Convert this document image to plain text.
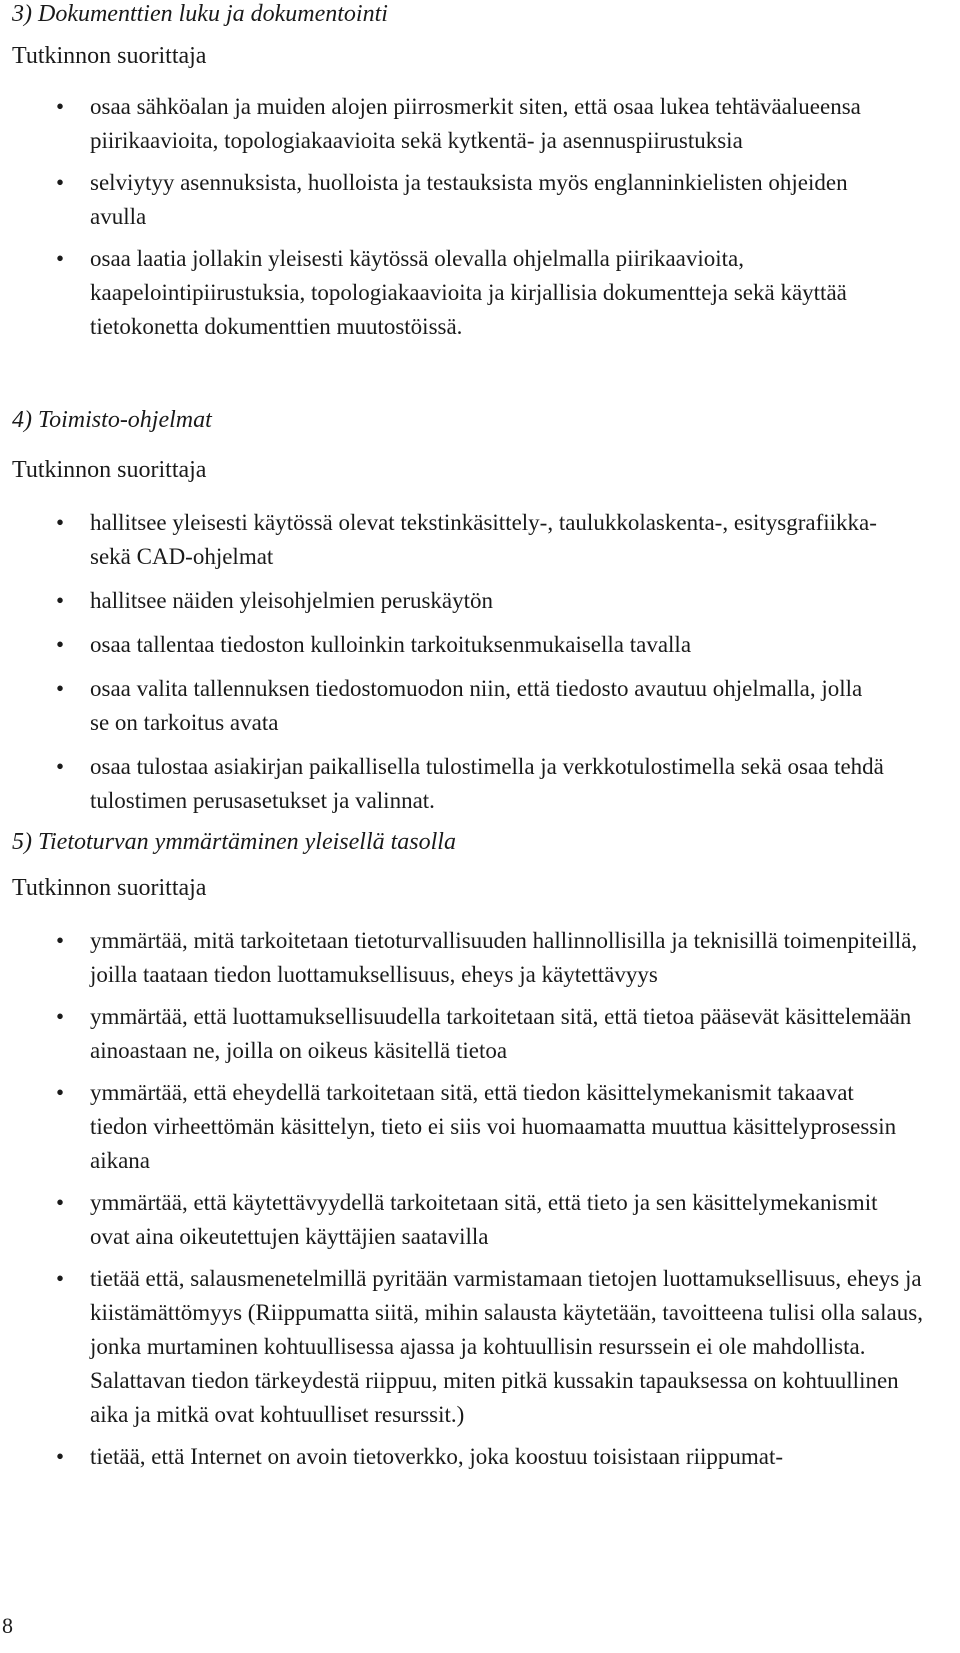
3) Dokumenttien luku ja dokumentointi

Tutkinnon suorittaja

• osaa sähköalan ja muiden alojen piirrosmerkit siten, että osaa lukea tehtäväalueensa piirikaavioita, topologiakaavioita sekä kytkentä- ja asennuspiirustuksia
• selviytyy asennuksista, huolloista ja testauksista myös englanninkielisten ohjeiden avulla
• osaa laatia jollakin yleisesti käytössä olevalla ohjelmalla piirikaavioita, kaapelointipiirustuksia, topologiakaavioita ja kirjallisia dokumentteja sekä käyttää tietokonetta dokumenttien muutostöissä.

4) Toimisto-ohjelmat

Tutkinnon suorittaja

• hallitsee yleisesti käytössä olevat tekstinkäsittely-, taulukkolaskenta-, esitysgrafiikka- sekä CAD-ohjelmat
• hallitsee näiden yleisohjelmien peruskäytön
• osaa tallentaa tiedoston kulloinkin tarkoituksenmukaisella tavalla
• osaa valita tallennuksen tiedostomuodon niin, että tiedosto avautuu ohjelmalla, jolla se on tarkoitus avata
• osaa tulostaa asiakirjan paikallisella tulostimella ja verkkotulostimella sekä osaa tehdä tulostimen perusasetukset ja valinnat.

5) Tietoturvan ymmärtäminen yleisellä tasolla

Tutkinnon suorittaja

• ymmärtää, mitä tarkoitetaan tietoturvallisuuden hallinnollisilla ja teknisillä toimenpiteillä, joilla taataan tiedon luottamuksellisuus, eheys ja käytettävyys
• ymmärtää, että luottamuksellisuudella tarkoitetaan sitä, että tietoa pääsevät käsittelemään ainoastaan ne, joilla on oikeus käsitellä tietoa
• ymmärtää, että eheydellä tarkoitetaan sitä, että tiedon käsittelymekanismit takaavat tiedon virheettömän käsittelyn, tieto ei siis voi huomaamatta muuttua käsittelyprosessin aikana
• ymmärtää, että käytettävyydellä tarkoitetaan sitä, että tieto ja sen käsittelymekanismit ovat aina oikeutettujen käyttäjien saatavilla
• tietää että, salausmenetelmillä pyritään varmistamaan tietojen luottamuksellisuus, eheys ja kiistämättömyys (Riippumatta siitä, mihin salausta käytetään, tavoitteena tulisi olla salaus, jonka murtaminen kohtuullisessa ajassa ja kohtuullisin resurssein ei ole mahdollista. Salattavan tiedon tärkeydestä riippuu, miten pitkä kussakin tapauksessa on kohtuullinen aika ja mitkä ovat kohtuulliset resurssit.)
• tietää, että Internet on avoin tietoverkko, joka koostuu toisistaan riippumat-
8
